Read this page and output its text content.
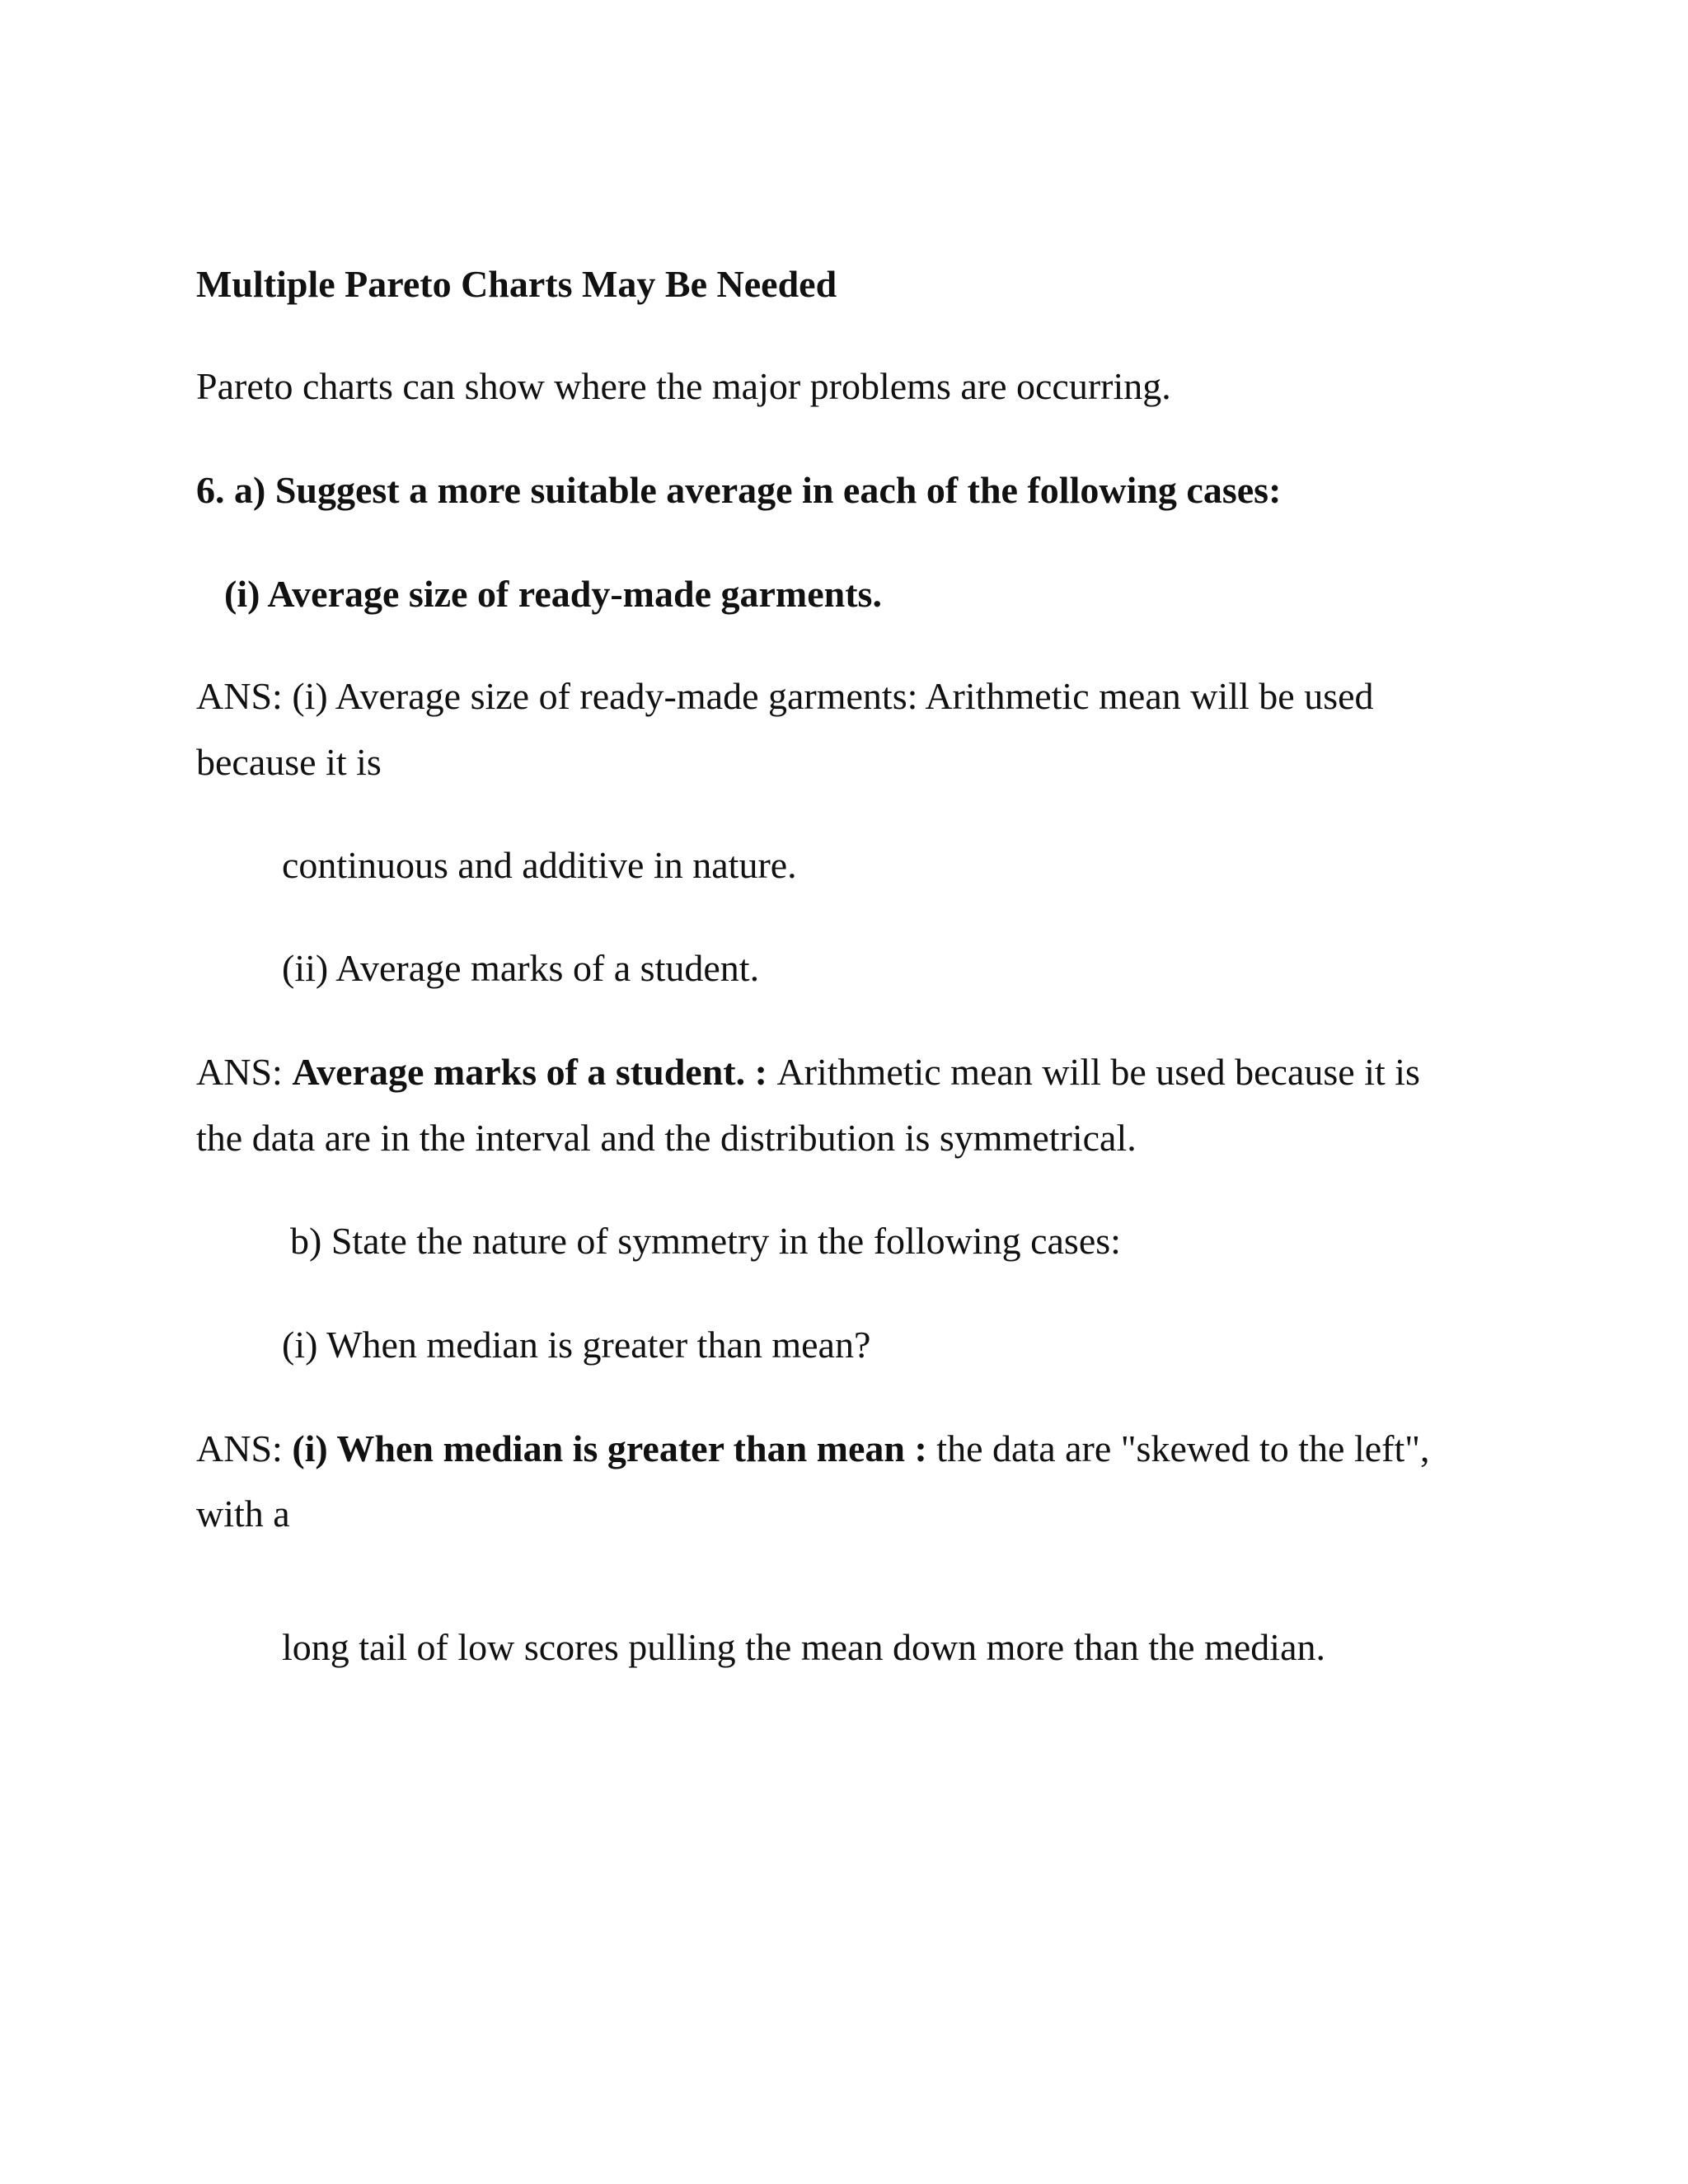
Multiple Pareto Charts May Be Needed
Pareto charts can show where the major problems are occurring.
6. a) Suggest a more suitable average in each of the following cases:
(i) Average size of ready-made garments.
ANS: (i) Average size of ready-made garments: Arithmetic mean will be used
because it is
continuous and additive in nature.
(ii) Average marks of a student.
ANS: Average marks of a student. : Arithmetic mean will be used because it is
the data are in the interval and the distribution is symmetrical.
b) State the nature of symmetry in the following cases:
(i) When median is greater than mean?
ANS: (i) When median is greater than mean : the data are "skewed to the left",
with a
long tail of low scores pulling the mean down more than the median.
